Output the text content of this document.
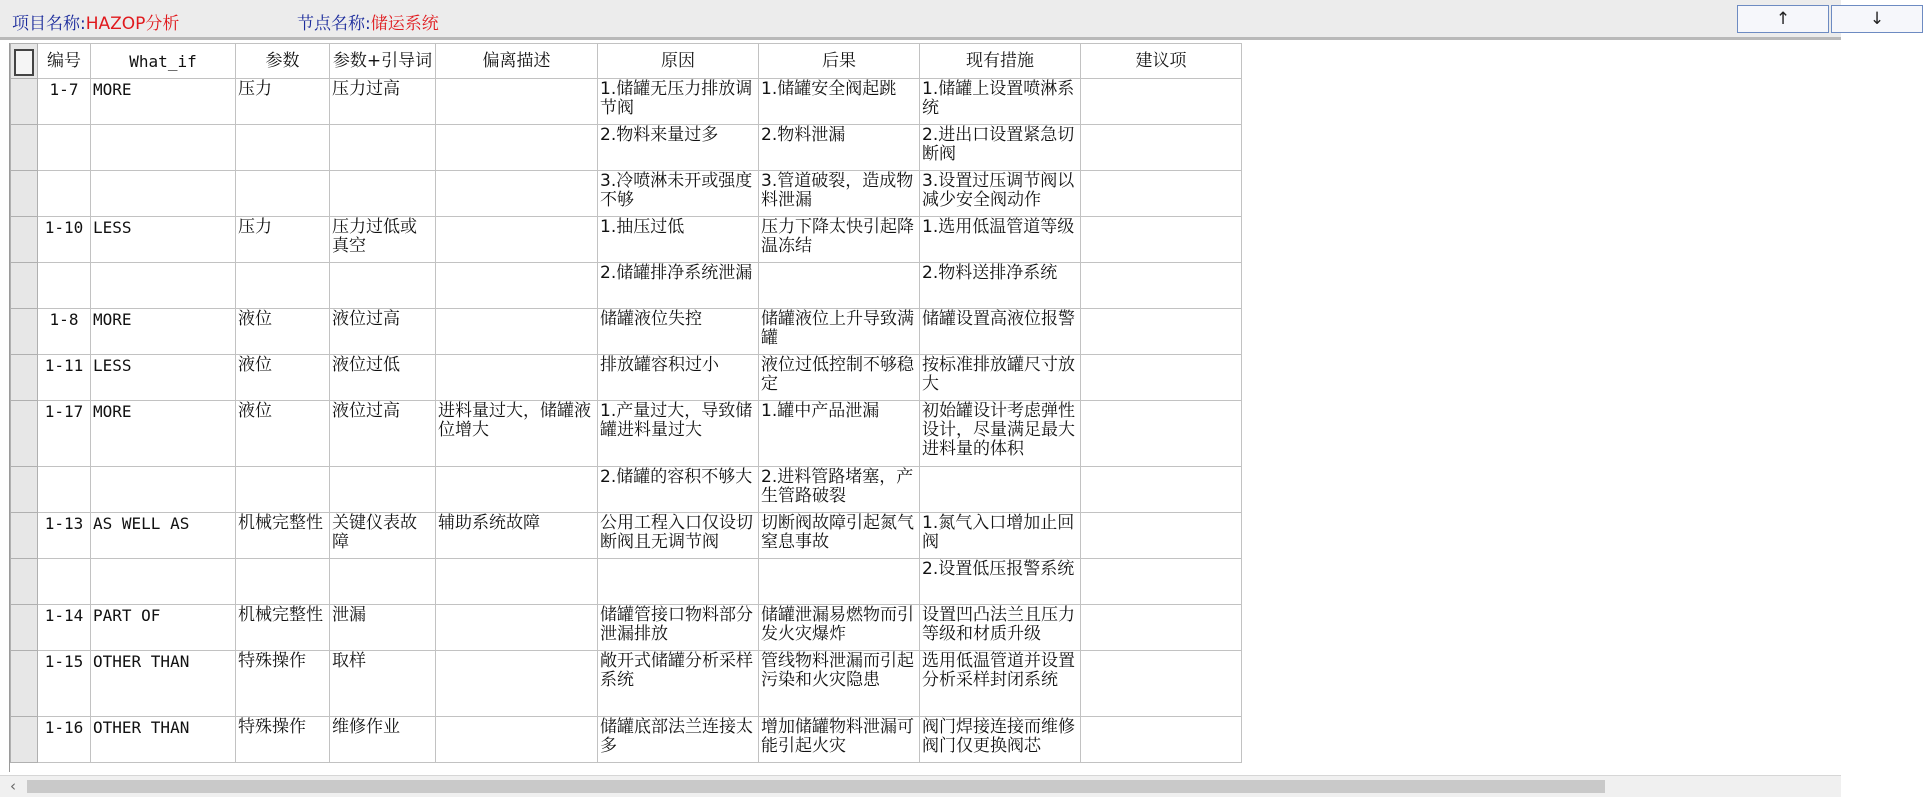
项目名称:HAZOP分析	节点名称:储运系统	↑	↓
	编号	What_if	参数	参数+引导词	偏离描述	原因	后果	现有措施	建议项
	1-7	MORE	压力	压力过高		1.储罐无压力排放调节阀	1.储罐安全阀起跳	1.储罐上设置喷淋系统	
						2.物料来量过多	2.物料泄漏	2.进出口设置紧急切断阀	
						3.冷喷淋未开或强度不够	3.管道破裂，造成物料泄漏	3.设置过压调节阀以减少安全阀动作	
	1-10	LESS	压力	压力过低或真空		1.抽压过低	压力下降太快引起降温冻结	1.选用低温管道等级	
						2.储罐排净系统泄漏		2.物料送排净系统	
	1-8	MORE	液位	液位过高		储罐液位失控	储罐液位上升导致满罐	储罐设置高液位报警	
	1-11	LESS	液位	液位过低		排放罐容积过小	液位过低控制不够稳定	按标准排放罐尺寸放大	
	1-17	MORE	液位	液位过高	进料量过大，储罐液位增大	1.产量过大，导致储罐进料量过大	1.罐中产品泄漏	初始罐设计考虑弹性设计，尽量满足最大进料量的体积	
						2.储罐的容积不够大	2.进料管路堵塞，产生管路破裂		
	1-13	AS WELL AS	机械完整性	关键仪表故障	辅助系统故障	公用工程入口仅设切断阀且无调节阀	切断阀故障引起氮气窒息事故	1.氮气入口增加止回阀	
								2.设置低压报警系统	
	1-14	PART OF	机械完整性	泄漏		储罐管接口物料部分泄漏排放	储罐泄漏易燃物而引发火灾爆炸	设置凹凸法兰且压力等级和材质升级	
	1-15	OTHER THAN	特殊操作	取样		敞开式储罐分析采样系统	管线物料泄漏而引起污染和火灾隐患	选用低温管道并设置分析采样封闭系统	
	1-16	OTHER THAN	特殊操作	维修作业		储罐底部法兰连接太多	增加储罐物料泄漏可能引起火灾	阀门焊接连接而维修阀门仅更换阀芯	
‹
